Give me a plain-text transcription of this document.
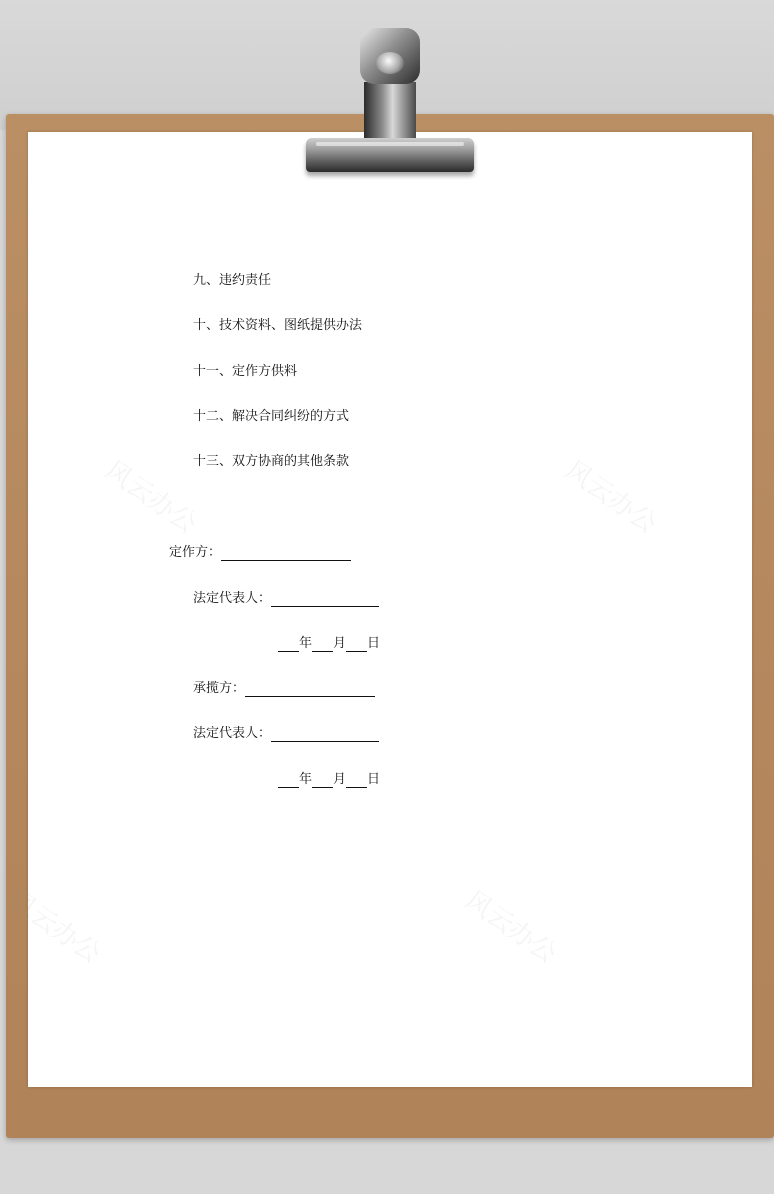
风云办公	风云办公
风云办公	风云办公
九、违约责任
十、技术资料、图纸提供办法
十一、定作方供料
十二、解决合同纠纷的方式
十三、双方协商的其他条款
定作方：
法定代表人：
年 月 日
承揽方：
法定代表人：
年 月 日
